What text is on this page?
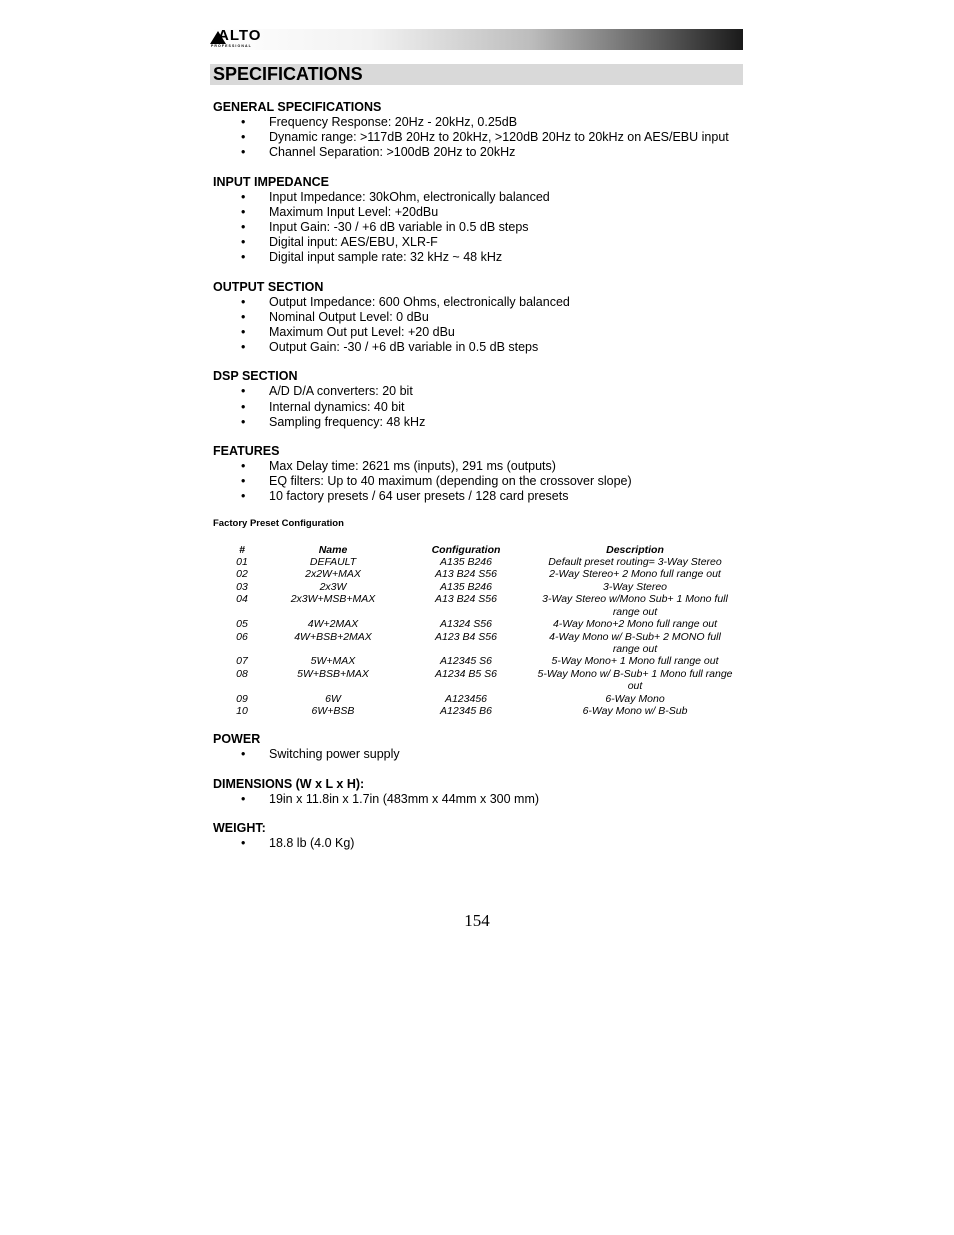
ALTO
PROFESSIONAL
SPECIFICATIONS
GENERAL SPECIFICATIONS
• Frequency Response: 20Hz - 20kHz, 0.25dB
• Dynamic range: >117dB 20Hz to 20kHz, >120dB 20Hz to 20kHz on AES/EBU input
• Channel Separation: >100dB 20Hz to 20kHz
INPUT IMPEDANCE
• Input Impedance: 30kOhm, electronically balanced
• Maximum Input Level: +20dBu
• Input Gain: -30 / +6 dB variable in 0.5 dB steps
• Digital input: AES/EBU, XLR-F
• Digital input sample rate: 32 kHz ~ 48 kHz
OUTPUT SECTION
• Output Impedance: 600 Ohms, electronically balanced
• Nominal Output Level: 0 dBu
• Maximum Out put Level: +20 dBu
• Output Gain: -30 / +6 dB variable in 0.5 dB steps
DSP SECTION
• A/D D/A converters: 20 bit
• Internal dynamics: 40 bit
• Sampling frequency: 48 kHz
FEATURES
• Max Delay time: 2621 ms (inputs), 291 ms (outputs)
• EQ filters: Up to 40 maximum (depending on the crossover slope)
• 10 factory presets / 64 user presets / 128 card presets
Factory Preset Configuration
#	Name	Configuration	Description
01	DEFAULT	A135 B246	Default preset routing= 3-Way Stereo
02	2x2W+MAX	A13 B24 S56	2-Way Stereo+ 2 Mono full range out
03	2x3W	A135 B246	3-Way Stereo
04	2x3W+MSB+MAX	A13 B24 S56	3-Way Stereo w/Mono Sub+ 1 Mono full range out
05	4W+2MAX	A1324 S56	4-Way Mono+2 Mono full range out
06	4W+BSB+2MAX	A123 B4 S56	4-Way Mono w/ B-Sub+ 2 MONO full range out
07	5W+MAX	A12345 S6	5-Way Mono+ 1 Mono full range out
08	5W+BSB+MAX	A1234 B5 S6	5-Way Mono w/ B-Sub+ 1 Mono full range out
09	6W	A123456	6-Way Mono
10	6W+BSB	A12345 B6	6-Way Mono w/ B-Sub
POWER
• Switching power supply
DIMENSIONS (W x L x H):
• 19in x 11.8in x 1.7in (483mm x 44mm x 300 mm)
WEIGHT:
• 18.8 lb (4.0 Kg)
154
